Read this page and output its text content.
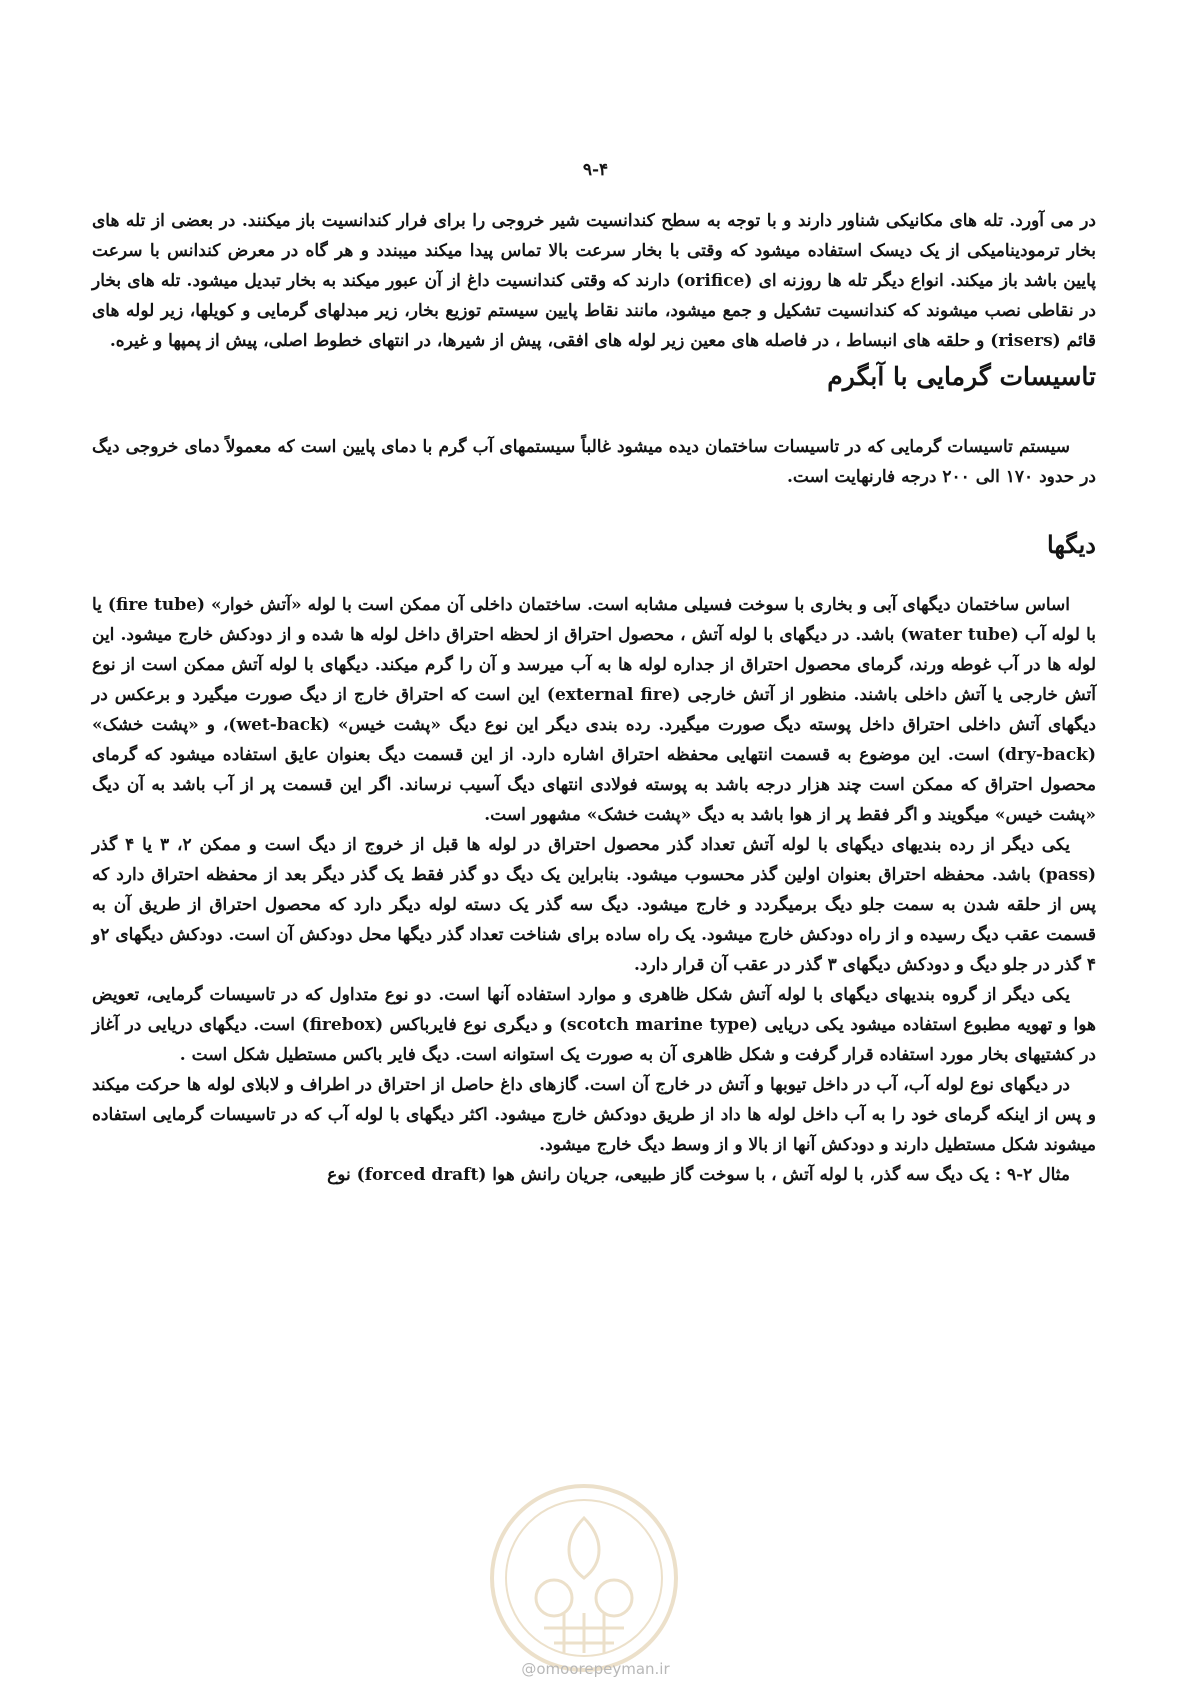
۹-۴

در می آورد. تله های مکانیکی شناور دارند و با توجه به سطح کندانسیت شیر خروجی را برای فرار کندانسیت باز میکنند. در بعضی از تله های بخار ترمودینامیکی از یک دیسک استفاده میشود که وقتی با بخار سرعت بالا تماس پیدا میکند میبندد و هر گاه در معرض کندانس با سرعت پایین باشد باز میکند. انواع دیگر تله ها روزنه ای (orifice) دارند که وقتی کندانسیت داغ از آن عبور میکند به بخار تبدیل میشود. تله های بخار در نقاطی نصب میشوند که کندانسیت تشکیل و جمع میشود، مانند نقاط پایین سیستم توزیع بخار، زیر مبدلهای گرمایی و کویلها، زیر لوله های قائم (risers) و حلقه های انبساط ، در فاصله های معین زیر لوله های افقی، پیش از شیرها، در انتهای خطوط اصلی، پیش از پمپها و غیره.

تاسیسات گرمایی با آبگرم

سیستم تاسیسات گرمایی که در تاسیسات ساختمان دیده میشود غالباً سیستمهای آب گرم با دمای پایین است که معمولاً دمای خروجی دیگ در حدود ۱۷۰ الی ۲۰۰ درجه فارنهایت است.

دیگها

اساس ساختمان دیگهای آبی و بخاری با سوخت فسیلی مشابه است. ساختمان داخلی آن ممکن است با لوله «آتش خوار» (fire tube) یا با لوله آب (water tube) باشد. در دیگهای با لوله آتش ، محصول احتراق از لحظه احتراق داخل لوله ها شده و از دودکش خارج میشود. این لوله ها در آب غوطه ورند، گرمای محصول احتراق از جداره لوله ها به آب میرسد و آن را گرم میکند. دیگهای با لوله آتش ممکن است از نوع آتش خارجی یا آتش داخلی باشند. منظور از آتش خارجی (external fire) این است که احتراق خارج از دیگ صورت میگیرد و برعکس در دیگهای آتش داخلی احتراق داخل پوسته دیگ صورت میگیرد. رده بندی دیگر این نوع دیگ «پشت خیس» (wet-back)، و «پشت خشک» (dry-back) است. این موضوع به قسمت انتهایی محفظه احتراق اشاره دارد. از این قسمت دیگ بعنوان عایق استفاده میشود که گرمای محصول احتراق که ممکن است چند هزار درجه باشد به پوسته فولادی انتهای دیگ آسیب نرساند. اگر این قسمت پر از آب باشد به آن دیگ «پشت خیس» میگویند و اگر فقط پر از هوا باشد به دیگ «پشت خشک» مشهور است.

یکی دیگر از رده بندیهای دیگهای با لوله آتش تعداد گذر محصول احتراق در لوله ها قبل از خروج از دیگ است و ممکن ۲، ۳ یا ۴ گذر (pass) باشد. محفظه احتراق بعنوان اولین گذر محسوب میشود. بنابراین یک دیگ دو گذر فقط یک گذر دیگر بعد از محفظه احتراق دارد که پس از حلقه شدن به سمت جلو دیگ برمیگردد و خارج میشود. دیگ سه گذر یک دسته لوله دیگر دارد که محصول احتراق از طریق آن به قسمت عقب دیگ رسیده و از راه دودکش خارج میشود. یک راه ساده برای شناخت تعداد گذر دیگها محل دودکش آن است. دودکش دیگهای ۲و ۴ گذر در جلو دیگ و دودکش دیگهای ۳ گذر در عقب آن قرار دارد.

یکی دیگر از گروه بندیهای دیگهای با لوله آتش شکل ظاهری و موارد استفاده آنها است. دو نوع متداول که در تاسیسات گرمایی، تعویض هوا و تهویه مطبوع استفاده میشود یکی دریایی (scotch marine type) و دیگری نوع فایرباکس (firebox) است. دیگهای دریایی در آغاز در کشتیهای بخار مورد استفاده قرار گرفت و شکل ظاهری آن به صورت یک استوانه است. دیگ فایر باکس مستطیل شکل است .

در دیگهای نوع لوله آب، آب در داخل تیوبها و آتش در خارج آن است. گازهای داغ حاصل از احتراق در اطراف و لابلای لوله ها حرکت میکند و پس از اینکه گرمای خود را به آب داخل لوله ها داد از طریق دودکش خارج میشود. اکثر دیگهای با لوله آب که در تاسیسات گرمایی استفاده میشوند شکل مستطیل دارند و دودکش آنها از بالا و از وسط دیگ خارج میشود.

مثال ۲-۹ : یک دیگ سه گذر، با لوله آتش ، با سوخت گاز طبیعی، جریان رانش هوا (forced draft) نوع

@omoorepeyman.ir
